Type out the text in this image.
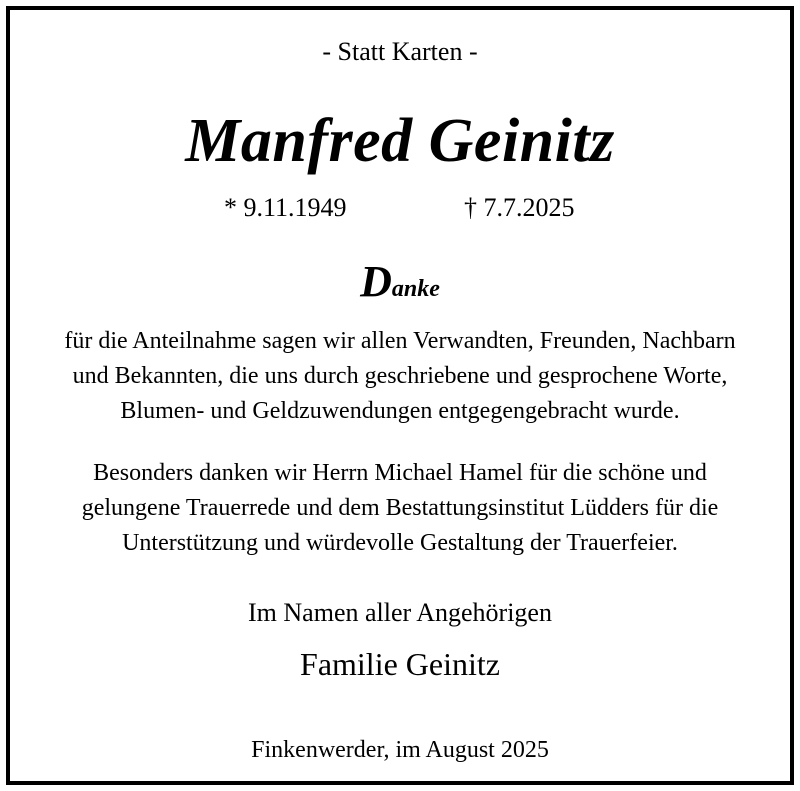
- Statt Karten -
Manfred Geinitz
* 9.11.1949	† 7.7.2025
Danke
für die Anteilnahme sagen wir allen Verwandten, Freunden, Nachbarn
und Bekannten, die uns durch geschriebene und gesprochene Worte,
Blumen- und Geldzuwendungen entgegengebracht wurde.
Besonders danken wir Herrn Michael Hamel für die schöne und
gelungene Trauerrede und dem Bestattungsinstitut Lüdders für die
Unterstützung und würdevolle Gestaltung der Trauerfeier.
Im Namen aller Angehörigen
Familie Geinitz
Finkenwerder, im August 2025
